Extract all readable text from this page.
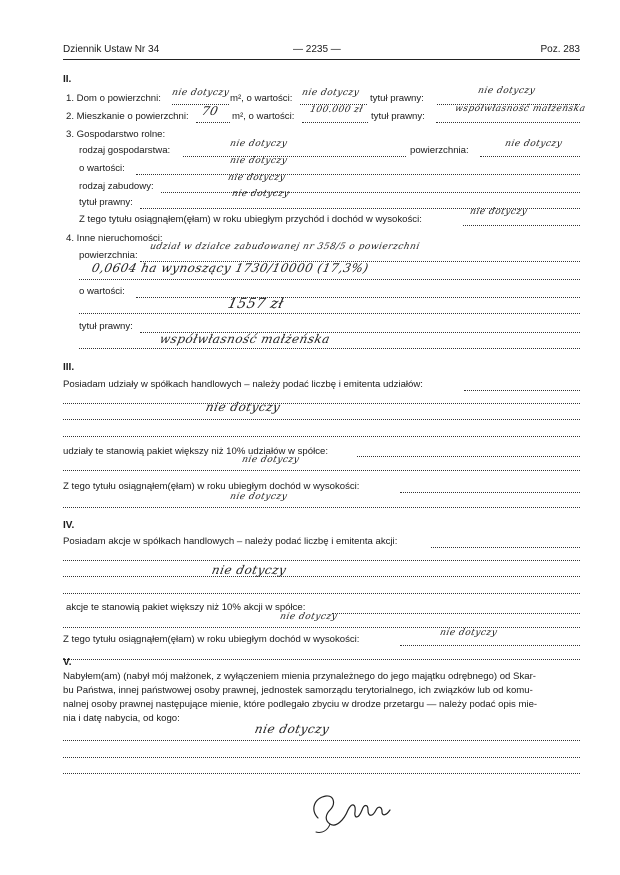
Dziennik Ustaw Nr 34	— 2235 —	Poz. 283
II.
1. Dom o powierzchni: nie dotyczy m², o wartości: nie dotyczy tytuł prawny:
nie dotyczy
2. Mieszkanie o powierzchni: 70 m², o wartości:
100.000 zł
tytuł prawny:
współwłasność małżeńska
3. Gospodarstwo rolne:
rodzaj gospodarstwa:
nie dotyczy
powierzchnia:
nie dotyczy
o wartości:
nie dotyczy
rodzaj zabudowy:
nie dotyczy
tytuł prawny:
nie dotyczy
Z tego tytułu osiągnąłem(ęłam) w roku ubiegłym przychód i dochód w wysokości:
nie dotyczy
4. Inne nieruchomości:
powierzchnia:
udział w działce zabudowanej nr 358/5 o powierzchni
0,0604 ha wynoszący 1730/10000 (17,3%)
o wartości:
1557 zł
tytuł prawny:
współwłasność małżeńska
III.
Posiadam udziały w spółkach handlowych – należy podać liczbę i emitenta udziałów:
nie dotyczy
udziały te stanowią pakiet większy niż 10% udziałów w spółce:
nie dotyczy
Z tego tytułu osiągnąłem(ęłam) w roku ubiegłym dochód w wysokości:
nie dotyczy
IV.
Posiadam akcje w spółkach handlowych – należy podać liczbę i emitenta akcji:
nie dotyczy
akcje te stanowią pakiet większy niż 10% akcji w spółce:
nie dotyczy
Z tego tytułu osiągnąłem(ęłam) w roku ubiegłym dochód w wysokości:
nie dotyczy
V.
Nabyłem(am) (nabył mój małżonek, z wyłączeniem mienia przynależnego do jego majątku odrębnego) od Skar-
bu Państwa, innej państwowej osoby prawnej, jednostek samorządu terytorialnego, ich związków lub od komu-
nalnej osoby prawnej następujące mienie, które podlegało zbyciu w drodze przetargu — należy podać opis mie-
nia i datę nabycia, od kogo:
nie dotyczy
